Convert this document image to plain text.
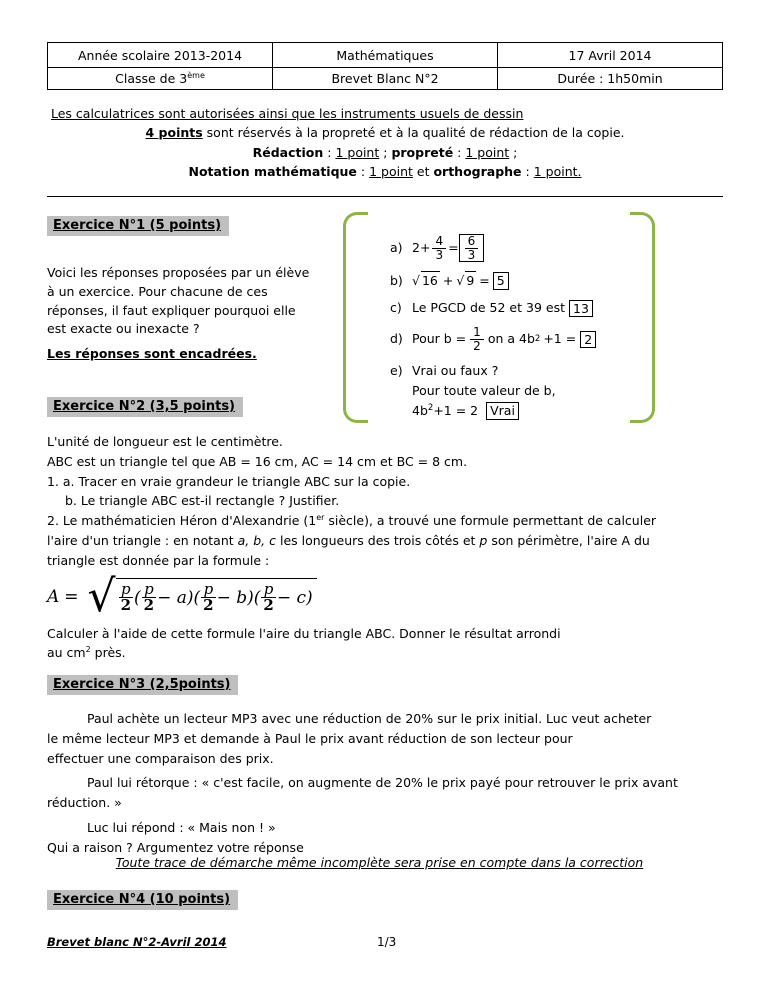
Année scolaire 2013-2014	Mathématiques	17 Avril 2014
Classe de 3ème	Brevet Blanc N°2	Durée : 1h50min
Les calculatrices sont autorisées ainsi que les instruments usuels de dessin
4 points sont réservés à la propreté et à la qualité de rédaction de la copie.
Rédaction : 1 point ; propreté : 1 point ;
Notation mathématique : 1 point et orthographe : 1 point.
Exercice N°1 (5 points)
Voici les réponses proposées par un élève
à un exercice. Pour chacune de ces
réponses, il faut expliquer pourquoi elle
est exacte ou inexacte ?
Les réponses sont encadrées.
a) $2+ \frac{4}{3} = \frac{6}{3}$
b) √ 16 + √ 9 = 5
c) Le PGCD de 52 et 39 est 13
d) Pour $b = \frac{1}{2}$ on a 4b 2 +1 = 2
e) Vrai ou faux ?
Pour toute valeur de b,
$4b^2+1 = 2$ Vrai
Exercice N°2 (3,5 points)

L'unité de longueur est le centimètre.

ABC est un triangle tel que AB = 16 cm, AC = 14 cm et BC = 8 cm.

1. a. Tracer en vraie grandeur le triangle ABC sur la copie.

b. Le triangle ABC est-il rectangle ? Justifier.

2. Le mathématicien Héron d'Alexandrie (1er siècle), a trouvé une formule permettant de calculer

l'aire d'un triangle : en notant a, b, c les longueurs des trois côtés et p son périmètre, l'aire A du

triangle est donnée par la formule :

A = √ $\frac{p}{2}$ ( $\frac{p}{2} - a)( \frac{p}{2} - b)( \frac{p}{2} - c)$
Calculer à l'aide de cette formule l'aire du triangle ABC. Donner le résultat arrondi
au $cm^2$ près.
Exercice N°3 (2,5points)

Paul achète un lecteur MP3 avec une réduction de 20% sur le prix initial. Luc veut acheter

le même lecteur MP3 et demande à Paul le prix avant réduction de son lecteur pour

effectuer une comparaison des prix.

Paul lui rétorque : « c'est facile, on augmente de 20% le prix payé pour retrouver le prix avant

réduction. »

Luc lui répond : « Mais non ! »

Qui a raison ? Argumentez votre réponse

Toute trace de démarche même incomplète sera prise en compte dans la correction
Exercice N°4 (10 points)
Brevet blanc N°2-Avril 2014	1/3
